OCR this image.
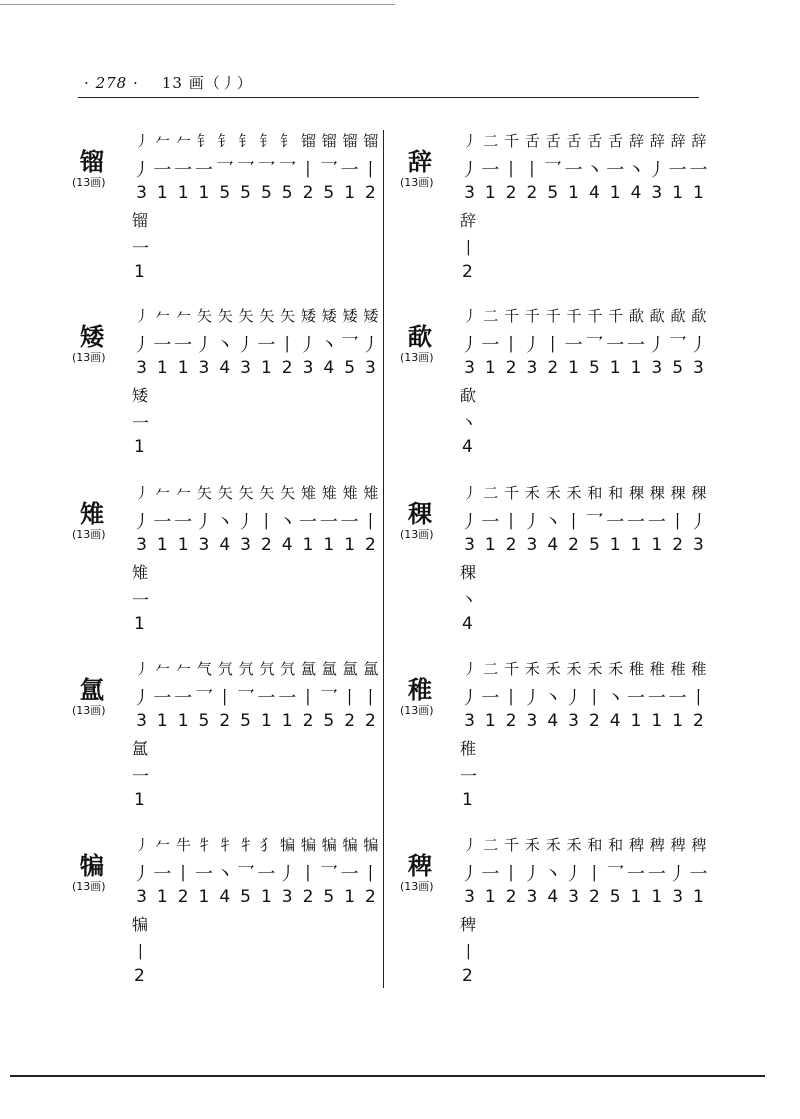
· 278 · 13 画（丿）
镏
(13画)
丿 𠂉 𠂉 钅 钅 钅 钅 钅 镏 镏 镏 镏
丿 一 一 一 乛 乛 乛 乛 丨 乛 一 丨
3 1 1 1 5 5 5 5 2 5 1 2
镏
一
1
矮
(13画)
丿 𠂉 𠂉 矢 矢 矢 矢 矢 矮 矮 矮 矮
丿 一 一 丿 丶 丿 一 丨 丿 丶 乛 丿
3 1 1 3 4 3 1 2 3 4 5 3
矮
一
1
雉
(13画)
丿 𠂉 𠂉 矢 矢 矢 矢 矢 雉 雉 雉 雉
丿 一 一 丿 丶 丿 丨 丶 一 一 一 丨
3 1 1 3 4 3 2 4 1 1 1 2
雉
一
1
氲
(13画)
丿 𠂉 𠂉 气 氕 氕 氕 氕 氲 氲 氲 氲
丿 一 一 乛 丨 乛 一 一 丨 乛 丨 丨
3 1 1 5 2 5 1 1 2 5 2 2
氲
一
1
犏
(13画)
丿 𠂉 牛 牜 牜 牜 犭 犏 犏 犏 犏 犏
丿 一 丨 一 丶 乛 一 丿 丨 乛 一 丨
3 1 2 1 4 5 1 3 2 5 1 2
犏
丨
2
辞
(13画)
丿 二 千 舌 舌 舌 舌 舌 辞 辞 辞 辞
丿 一 丨 丨 乛 一 丶 一 丶 丿 一 一
3 1 2 2 5 1 4 1 4 3 1 1
辞
丨
2
歃
(13画)
丿 二 千 千 千 千 千 千 歃 歃 歃 歃
丿 一 丨 丿 丨 一 乛 一 一 丿 乛 丿
3 1 2 3 2 1 5 1 1 3 5 3
歃
丶
4
稞
(13画)
丿 二 千 禾 禾 禾 和 和 稞 稞 稞 稞
丿 一 丨 丿 丶 丨 乛 一 一 一 丨 丿
3 1 2 3 4 2 5 1 1 1 2 3
稞
丶
4
稚
(13画)
丿 二 千 禾 禾 禾 禾 禾 稚 稚 稚 稚
丿 一 丨 丿 丶 丿 丨 丶 一 一 一 丨
3 1 2 3 4 3 2 4 1 1 1 2
稚
一
1
稗
(13画)
丿 二 千 禾 禾 禾 和 和 稗 稗 稗 稗
丿 一 丨 丿 丶 丿 丨 乛 一 一 丿 一
3 1 2 3 4 3 2 5 1 1 3 1
稗
丨
2
